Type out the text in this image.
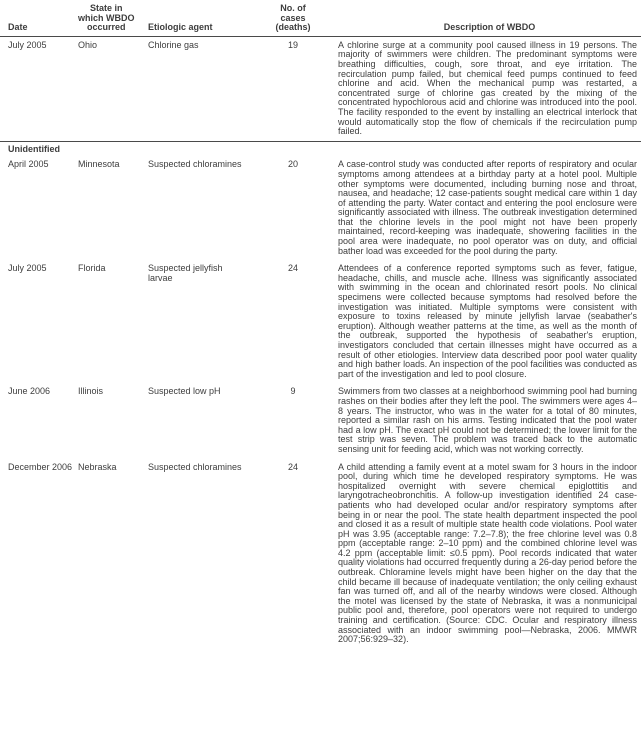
Date	State in
which WBDO
occurred	Etiologic agent	No. of
cases
(deaths)	Description of WBDO
July 2005	Ohio	Chlorine gas	19	A chlorine surge at a community pool caused illness in 19 persons. The majority of swimmers were children. The predominant symptoms were breathing difficulties, cough, sore throat, and eye irritation. The recirculation pump failed, but chemical feed pumps continued to feed chlorine and acid. When the mechanical pump was restarted, a concentrated surge of chlorine gas created by the mixing of the concentrated hypochlorous acid and chlorine was introduced into the pool. The facility responded to the event by installing an electrical interlock that would automatically stop the flow of chemicals if the recirculation pump failed.
Unidentified				
April 2005	Minnesota	Suspected chloramines	20	A case-control study was conducted after reports of respiratory and ocular symptoms among attendees at a birthday party at a hotel pool. Multiple other symptoms were documented, including burning nose and throat, nausea, and headache; 12 case-patients sought medical care within 1 day of attending the party. Water contact and entering the pool enclosure were significantly associated with illness. The outbreak investigation determined that the chlorine levels in the pool might not have been properly maintained, record-keeping was inadequate, showering facilities in the pool area were inadequate, no pool operator was on duty, and official bather load was exceeded for the pool during the party.
July 2005	Florida	Suspected jellyfish larvae	24	Attendees of a conference reported symptoms such as fever, fatigue, headache, chills, and muscle ache. Illness was significantly associated with swimming in the ocean and chlorinated resort pools. No clinical specimens were collected because symptoms had resolved before the investigation was initiated. Multiple symptoms were consistent with exposure to toxins released by minute jellyfish larvae (seabather's eruption). Although weather patterns at the time, as well as the month of the outbreak, supported the hypothesis of seabather's eruption, investigators concluded that certain illnesses might have occurred as a result of other etiologies. Interview data described poor pool water quality and high bather loads. An inspection of the pool facilities was conducted as part of the investigation and led to pool closure.
June 2006	Illinois	Suspected low pH	9	Swimmers from two classes at a neighborhood swimming pool had burning rashes on their bodies after they left the pool. The swimmers were ages 4–8 years. The instructor, who was in the water for a total of 80 minutes, reported a similar rash on his arms. Testing indicated that the pool water had a low pH. The exact pH could not be determined; the lower limit for the test strip was seven. The problem was traced back to the automatic sensing unit for feeding acid, which was not working correctly.
December 2006	Nebraska	Suspected chloramines	24	A child attending a family event at a motel swam for 3 hours in the indoor pool, during which time he developed respiratory symptoms. He was hospitalized overnight with severe chemical epiglottitis and laryngotracheobronchitis. A follow-up investigation identified 24 case-patients who had developed ocular and/or respiratory symptoms after being in or near the pool. The state health department inspected the pool and closed it as a result of multiple state health code violations. Pool water pH was 3.95 (acceptable range: 7.2–7.8); the free chlorine level was 0.8 ppm (acceptable range: 2–10 ppm) and the combined chlorine level was 4.2 ppm (acceptable limit: ≤0.5 ppm). Pool records indicated that water quality violations had occurred frequently during a 26-day period before the outbreak. Chloramine levels might have been higher on the day that the child became ill because of inadequate ventilation; the only ceiling exhaust fan was turned off, and all of the nearby windows were closed. Although the motel was licensed by the state of Nebraska, it was a nonmunicipal public pool and, therefore, pool operators were not required to undergo training and certification. (Source: CDC. Ocular and respiratory illness associated with an indoor swimming pool—Nebraska, 2006. MMWR 2007;56:929–32).
